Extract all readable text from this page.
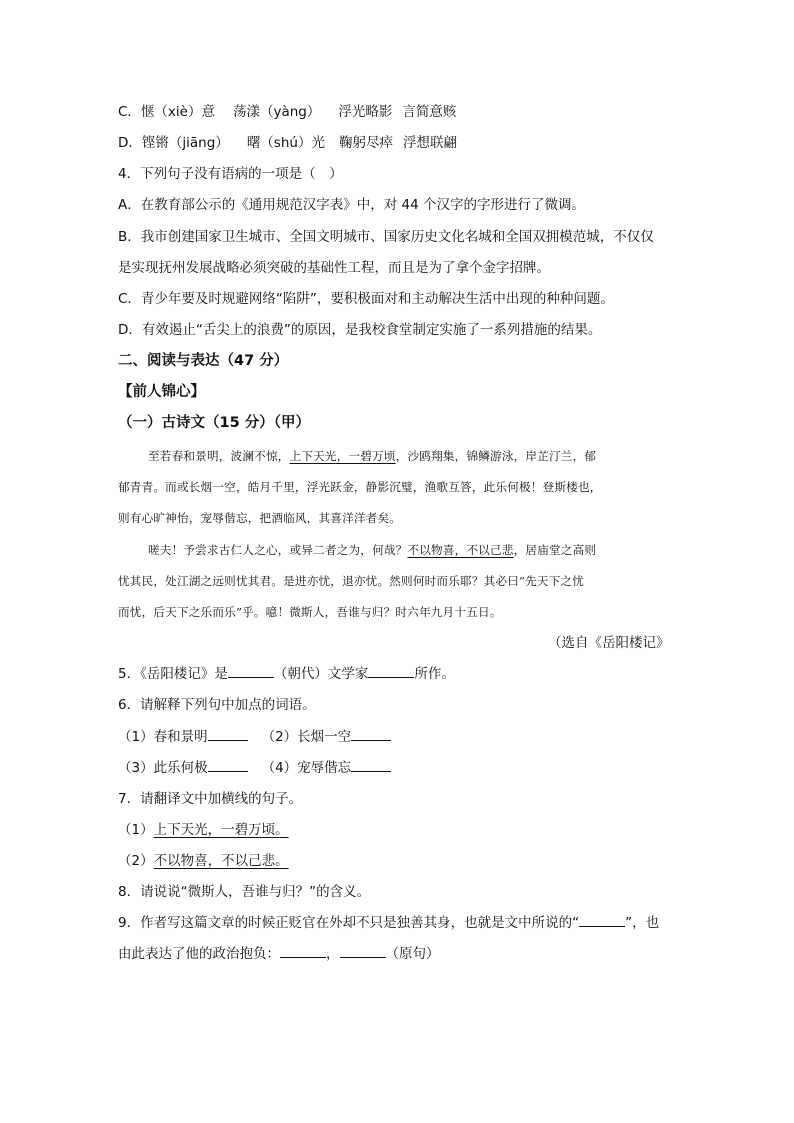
C．惬（xiè）意 荡漾（yàng） 浮光略影 言简意赅
D．铿锵（jiāng） 曙（shú）光 鞠躬尽瘁 浮想联翩
4．下列句子没有语病的一项是（　）
A．在教育部公示的《通用规范汉字表》中，对 44 个汉字的字形进行了微调。
B．我市创建国家卫生城市、全国文明城市、国家历史文化名城和全国双拥模范城，不仅仅
是实现抚州发展战略必须突破的基础性工程，而且是为了拿个金字招牌。
C．青少年要及时规避网络“陷阱”，要积极面对和主动解决生活中出现的种种问题。
D．有效遏止“舌尖上的浪费”的原因，是我校食堂制定实施了一系列措施的结果。
二、阅读与表达（47 分）
【前人锦心】
（一）古诗文（15 分）（甲）
至若春和景明，波澜不惊，上下天光，一碧万顷，沙鸥翔集，锦鳞游泳，岸芷汀兰，郁
郁青青。而或长烟一空，皓月千里，浮光跃金，静影沉璧，渔歌互答，此乐何极！登斯楼也，
则有心旷神怡，宠辱偕忘，把酒临风，其喜洋洋者矣。
嗟夫！予尝求古仁人之心，或异二者之为，何哉？不以物喜，不以己悲，居庙堂之高则
忧其民，处江湖之远则忧其君。是进亦忧，退亦忧。然则何时而乐耶？其必曰“先天下之忧
而忧，后天下之乐而乐”乎。噫！微斯人，吾谁与归？时六年九月十五日。
（选自《岳阳楼记》
5．《岳阳楼记》是	（朝代）文学家	所作。
6．请解释下列句中加点的词语。
（1）春和景明	（2）长烟一空
（3）此乐何极	（4）宠辱偕忘
7．请翻译文中加横线的句子。
（1）上下天光，一碧万顷。
（2）不以物喜，不以己悲。
8．请说说“微斯人，吾谁与归？”的含义。
9．作者写这篇文章的时候正贬官在外却不只是独善其身，也就是文中所说的“	”，也
由此表达了他的政治抱负：	，	（原句）
